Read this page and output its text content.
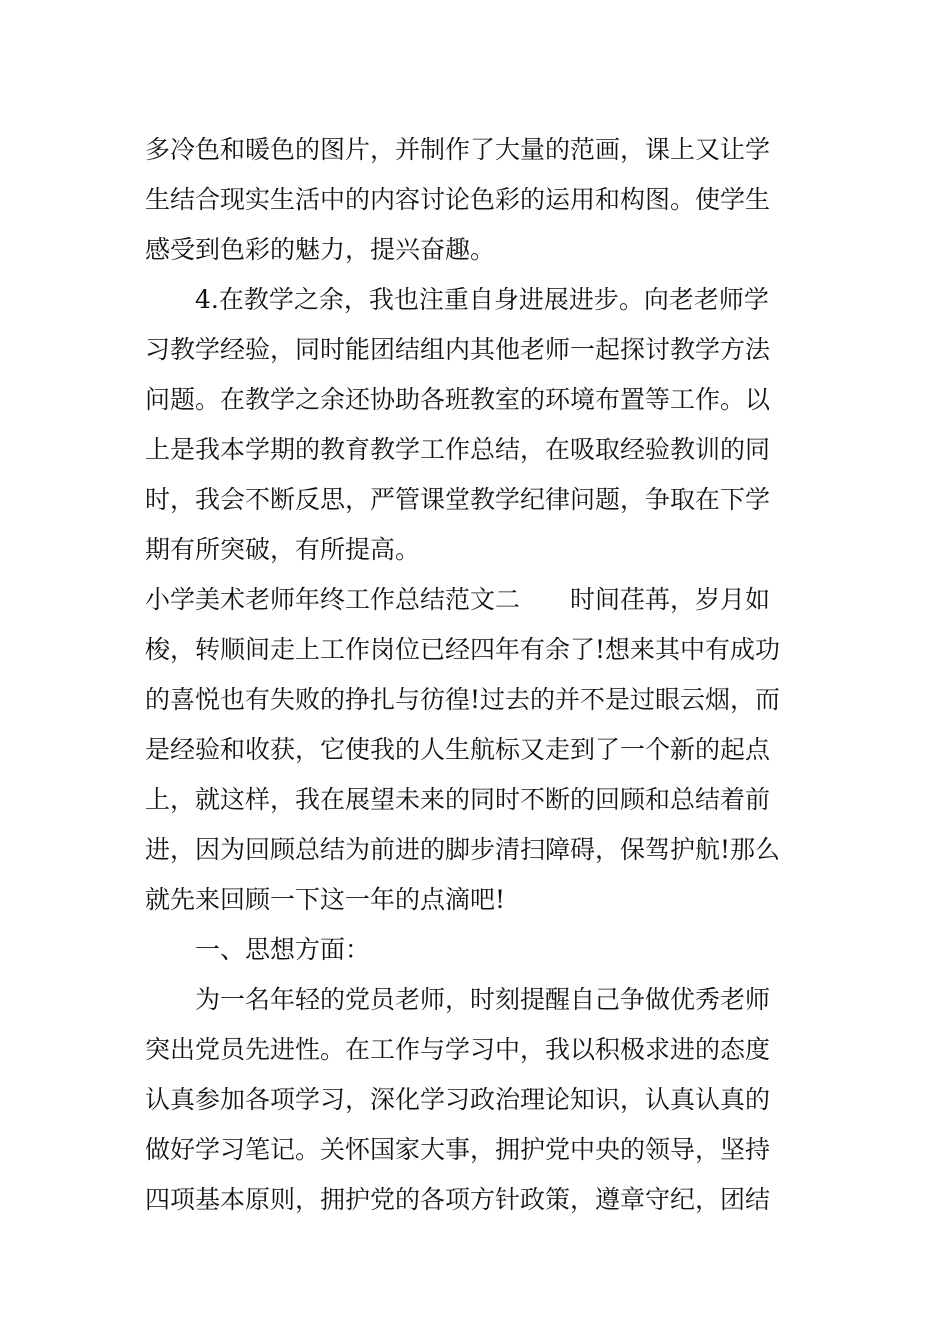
多冷色和暖色的图片，并制作了大量的范画，课上又让学
生结合现实生活中的内容讨论色彩的运用和构图。使学生
感受到色彩的魅力，提兴奋趣。
4.在教学之余，我也注重自身进展进步。向老老师学
习教学经验，同时能团结组内其他老师一起探讨教学方法
问题。在教学之余还协助各班教室的环境布置等工作。以
上是我本学期的教育教学工作总结，在吸取经验教训的同
时，我会不断反思，严管课堂教学纪律问题，争取在下学
期有所突破，有所提高。
小学美术老师年终工作总结范文二　　时间荏苒，岁月如
梭，转顺间走上工作岗位已经四年有余了!想来其中有成功
的喜悦也有失败的挣扎与彷徨!过去的并不是过眼云烟，而
是经验和收获，它使我的人生航标又走到了一个新的起点
上，就这样，我在展望未来的同时不断的回顾和总结着前
进，因为回顾总结为前进的脚步清扫障碍，保驾护航!那么
就先来回顾一下这一年的点滴吧!
一、思想方面：
为一名年轻的党员老师，时刻提醒自己争做优秀老师
突出党员先进性。在工作与学习中，我以积极求进的态度
认真参加各项学习，深化学习政治理论知识，认真认真的
做好学习笔记。关怀国家大事，拥护党中央的领导，坚持
四项基本原则，拥护党的各项方针政策，遵章守纪，团结
